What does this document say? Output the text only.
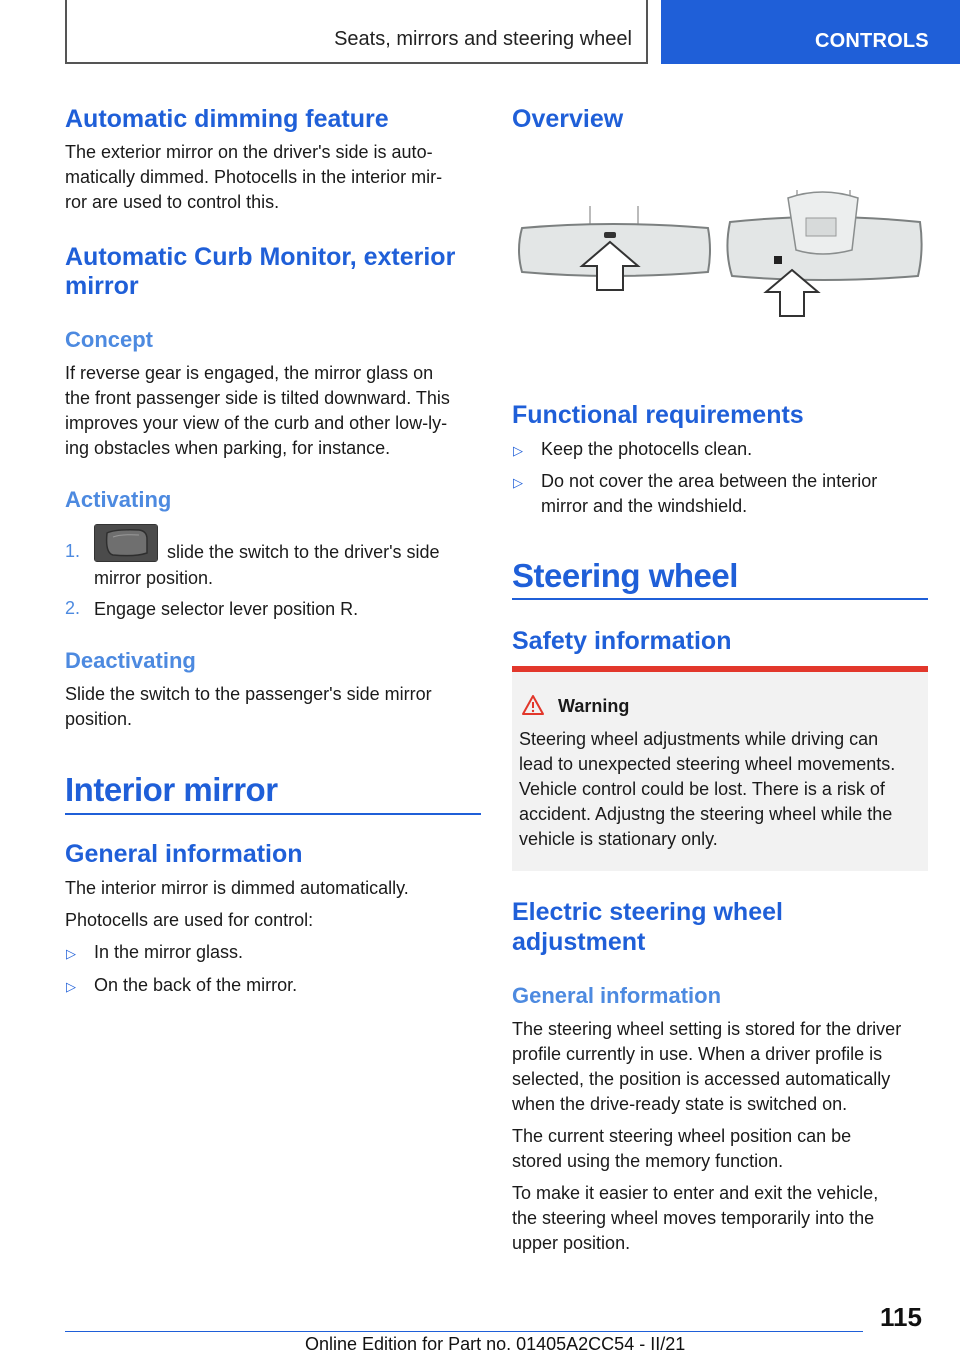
Seats, mirrors and steering wheel	CONTROLS
Automatic dimming feature
The exterior mirror on the driver's side is auto-
matically dimmed. Photocells in the interior mir-
ror are used to control this.
Automatic Curb Monitor, exterior
mirror
Concept
If reverse gear is engaged, the mirror glass on
the front passenger side is tilted downward. This
improves your view of the curb and other low-ly-
ing obstacles when parking, for instance.
Activating
1.	slide the switch to the driver's side
mirror position.
2. Engage selector lever position R.
Deactivating
Slide the switch to the passenger's side mirror
position.
Interior mirror
General information
The interior mirror is dimmed automatically.
Photocells are used for control:
▷ In the mirror glass.
▷ On the back of the mirror.
Overview
Functional requirements
▷ Keep the photocells clean.
▷ Do not cover the area between the interior
mirror and the windshield.
Steering wheel
Safety information
Warning
Steering wheel adjustments while driving can
lead to unexpected steering wheel movements.
Vehicle control could be lost. There is a risk of
accident. Adjustng the steering wheel while the
vehicle is stationary only.
Electric steering wheel
adjustment
General information
The steering wheel setting is stored for the driver
profile currently in use. When a driver profile is
selected, the position is accessed automatically
when the drive-ready state is switched on.
The current steering wheel position can be
stored using the memory function.
To make it easier to enter and exit the vehicle,
the steering wheel moves temporarily into the
upper position.
115
Online Edition for Part no. 01405A2CC54 - II/21
